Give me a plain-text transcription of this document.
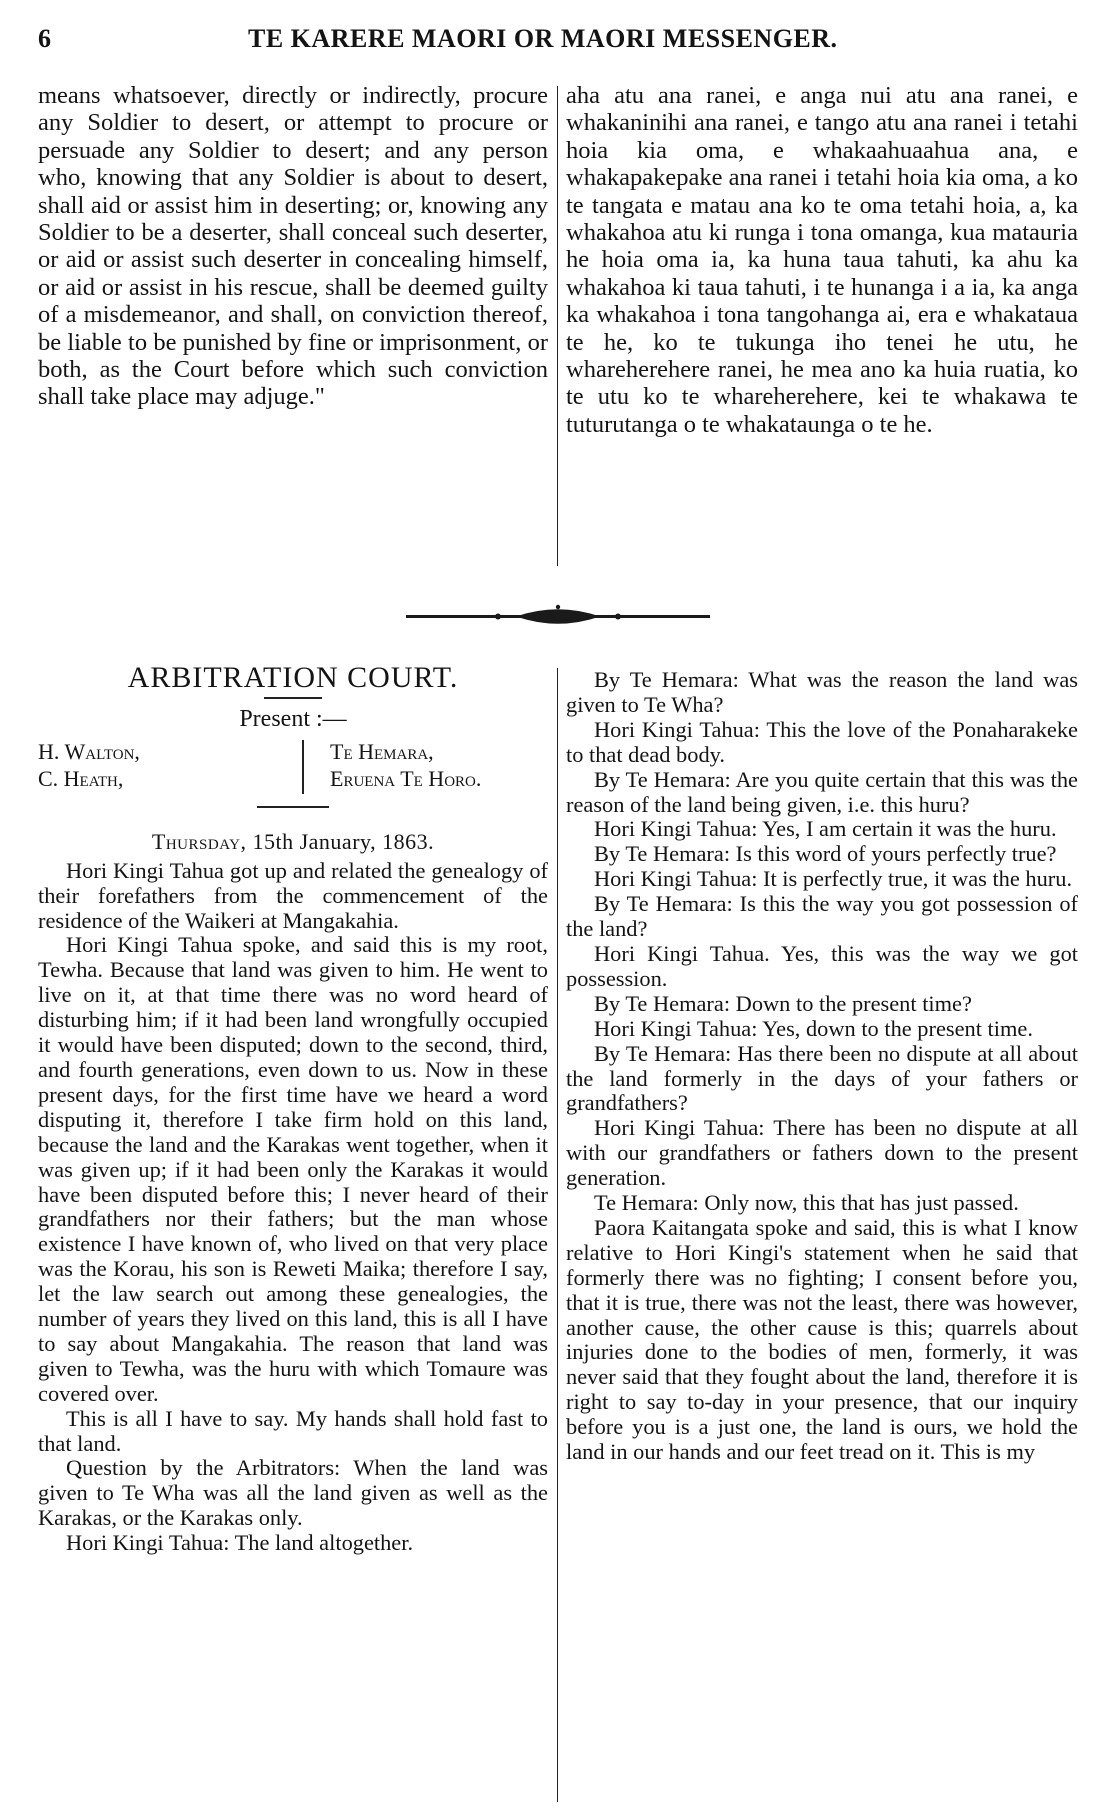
6	TE KARERE MAORI OR MAORI MESSENGER.

means whatsoever, directly or indirectly, procure any Soldier to desert, or attempt to procure or persuade any Soldier to desert; and any person who, knowing that any Soldier is about to desert, shall aid or assist him in deserting; or, knowing any Soldier to be a deserter, shall conceal such deserter, or aid or assist such deserter in concealing himself, or aid or assist in his rescue, shall be deemed guilty of a misdemeanor, and shall, on conviction thereof, be liable to be punished by fine or imprisonment, or both, as the Court before which such conviction shall take place may adjuge."

aha atu ana ranei, e anga nui atu ana ranei, e whakaninihi ana ranei, e tango atu ana ranei i tetahi hoia kia oma, e whakaahuaahua ana, e whakapakepake ana ranei i tetahi hoia kia oma, a ko te tangata e matau ana ko te oma tetahi hoia, a, ka whakahoa atu ki runga i tona omanga, kua matauria he hoia oma ia, ka huna taua tahuti, ka ahu ka whakahoa ki taua tahuti, i te hunanga i a ia, ka anga ka whakahoa i tona tangohanga ai, era e whakataua te he, ko te tukunga iho tenei he utu, he whareherehere ranei, he mea ano ka huia ruatia, ko te utu ko te whareherehere, kei te whakawa te tuturutanga o te whakataunga o te he.

ARBITRATION COURT.
Present :—
H. Walton,
C. Heath,
Te Hemara,
Eruena Te Horo.
Thursday, 15th January, 1863.

Hori Kingi Tahua got up and related the genealogy of their forefathers from the commencement of the residence of the Waikeri at Mangakahia.

Hori Kingi Tahua spoke, and said this is my root, Tewha. Because that land was given to him. He went to live on it, at that time there was no word heard of disturbing him; if it had been land wrongfully occupied it would have been disputed; down to the second, third, and fourth generations, even down to us. Now in these present days, for the first time have we heard a word disputing it, therefore I take firm hold on this land, because the land and the Karakas went together, when it was given up; if it had been only the Karakas it would have been disputed before this; I never heard of their grandfathers nor their fathers; but the man whose existence I have known of, who lived on that very place was the Korau, his son is Reweti Maika; therefore I say, let the law search out among these genealogies, the number of years they lived on this land, this is all I have to say about Mangakahia. The reason that land was given to Tewha, was the huru with which Tomaure was covered over.

This is all I have to say. My hands shall hold fast to that land.

Question by the Arbitrators: When the land was given to Te Wha was all the land given as well as the Karakas, or the Karakas only.

Hori Kingi Tahua: The land altogether.

By Te Hemara: What was the reason the land was given to Te Wha?

Hori Kingi Tahua: This the love of the Ponaharakeke to that dead body.

By Te Hemara: Are you quite certain that this was the reason of the land being given, i.e. this huru?

Hori Kingi Tahua: Yes, I am certain it was the huru.

By Te Hemara: Is this word of yours perfectly true?

Hori Kingi Tahua: It is perfectly true, it was the huru.

By Te Hemara: Is this the way you got possession of the land?

Hori Kingi Tahua. Yes, this was the way we got possession.

By Te Hemara: Down to the present time?

Hori Kingi Tahua: Yes, down to the present time.

By Te Hemara: Has there been no dispute at all about the land formerly in the days of your fathers or grandfathers?

Hori Kingi Tahua: There has been no dispute at all with our grandfathers or fathers down to the present generation.

Te Hemara: Only now, this that has just passed.

Paora Kaitangata spoke and said, this is what I know relative to Hori Kingi's statement when he said that formerly there was no fighting; I consent before you, that it is true, there was not the least, there was however, another cause, the other cause is this; quarrels about injuries done to the bodies of men, formerly, it was never said that they fought about the land, therefore it is right to say to-day in your presence, that our inquiry before you is a just one, the land is ours, we hold the land in our hands and our feet tread on it. This is my
